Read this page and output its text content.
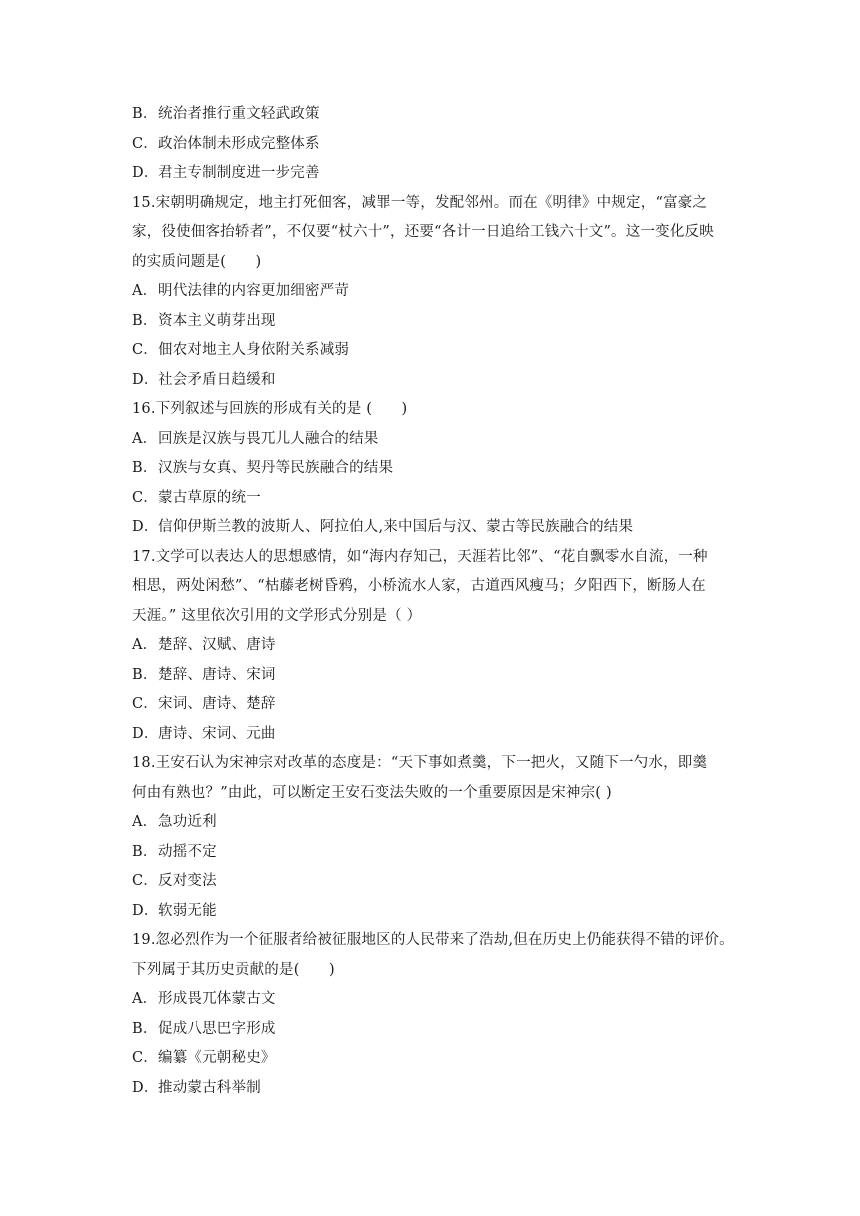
B．统治者推行重文轻武政策
C．政治体制未形成完整体系
D．君主专制制度进一步完善
15.宋朝明确规定，地主打死佃客，减罪一等，发配邻州。而在《明律》中规定，“富豪之
家，役使佃客抬轿者”，不仅要“杖六十”，还要“各计一日追给工钱六十文”。这一变化反映
的实质问题是(　　)
A．明代法律的内容更加细密严苛
B．资本主义萌芽出现
C．佃农对地主人身依附关系减弱
D．社会矛盾日趋缓和
16.下列叙述与回族的形成有关的是 (　　)
A．回族是汉族与畏兀儿人融合的结果
B．汉族与女真、契丹等民族融合的结果
C．蒙古草原的统一
D．信仰伊斯兰教的波斯人、阿拉伯人,来中国后与汉、蒙古等民族融合的结果
17.文学可以表达人的思想感情，如“海内存知己，天涯若比邻”、“花自飘零水自流，一种
相思，两处闲愁”、“枯藤老树昏鸦，小桥流水人家，古道西风瘦马；夕阳西下，断肠人在
天涯。” 这里依次引用的文学形式分别是（ ）
A．楚辞、汉赋、唐诗
B．楚辞、唐诗、宋词
C．宋词、唐诗、楚辞
D．唐诗、宋词、元曲
18.王安石认为宋神宗对改革的态度是：“天下事如煮羹，下一把火，又随下一勺水，即羹
何由有熟也？”由此，可以断定王安石变法失败的一个重要原因是宋神宗( )
A．急功近利
B．动摇不定
C．反对变法
D．软弱无能
19.忽必烈作为一个征服者给被征服地区的人民带来了浩劫,但在历史上仍能获得不错的评价。
下列属于其历史贡献的是(　　)
A．形成畏兀体蒙古文
B．促成八思巴字形成
C．编纂《元朝秘史》
D．推动蒙古科举制
